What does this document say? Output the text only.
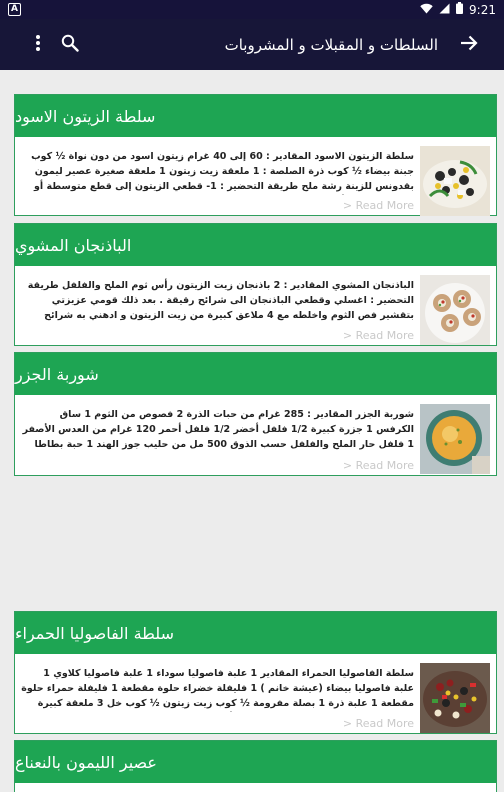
A	9:21
السلطات و المقبلات و المشروبات
سلطة الزيتون الاسود
سلطة الزيتون الاسود المقادير : 60 إلى 40 غرام زيتون اسود من دون نواة ½ كوب جبنة بيضاء ½ كوب ذرة الصلصة : 1 ملعقة زيت زيتون 1 ملعقة صغيرة عصير ليمون بقدونس للزينة رشة ملح طريقة التحضير : 1- قطعي الزيتون إلى قطع متوسطة أو
> Read More
الباذنجان المشوي
الباذنجان المشوي المقادير : 2 باذنجان زيت الزيتون رأس ثوم الملح والفلفل طريقة التحضير : اغسلي وقطعي الباذنجان الى شرائح رقيقة . بعد ذلك قومي عزيزتي بتقشير فص الثوم واخلطه مع 4 ملاعق كبيرة من زيت الزيتون و ادهني به شرائح
> Read More
شوربة الجزر
شوربة الجزر المقادير : 285 غرام من حبات الذرة 2 فصوص من الثوم 1 ساق الكرفس 1 جزرة كبيرة 1/2 فلفل أخضر 1/2 فلفل أحمر 120 غرام من العدس الأصفر 1 فلفل حار الملح والفلفل حسب الذوق 500 مل من حليب جوز الهند 1 حبة بطاطا
> Read More
سلطة الفاصوليا الحمراء
سلطة الفاصوليا الحمراء المقادير 1 علبة فاصوليا سوداء 1 علبة فاصوليا كلاوي 1 علبة فاصوليا بيضاء (عيشة خانم ) 1 فليفلة خضراء حلوة مقطعة 1 فليفلة حمراء حلوة مقطعة 1 علبة ذرة 1 بصلة مفرومة ½ كوب زيت زيتون ½ كوب خل 3 ملعقة كبيرة
> Read More
عصير الليمون بالنعناع
